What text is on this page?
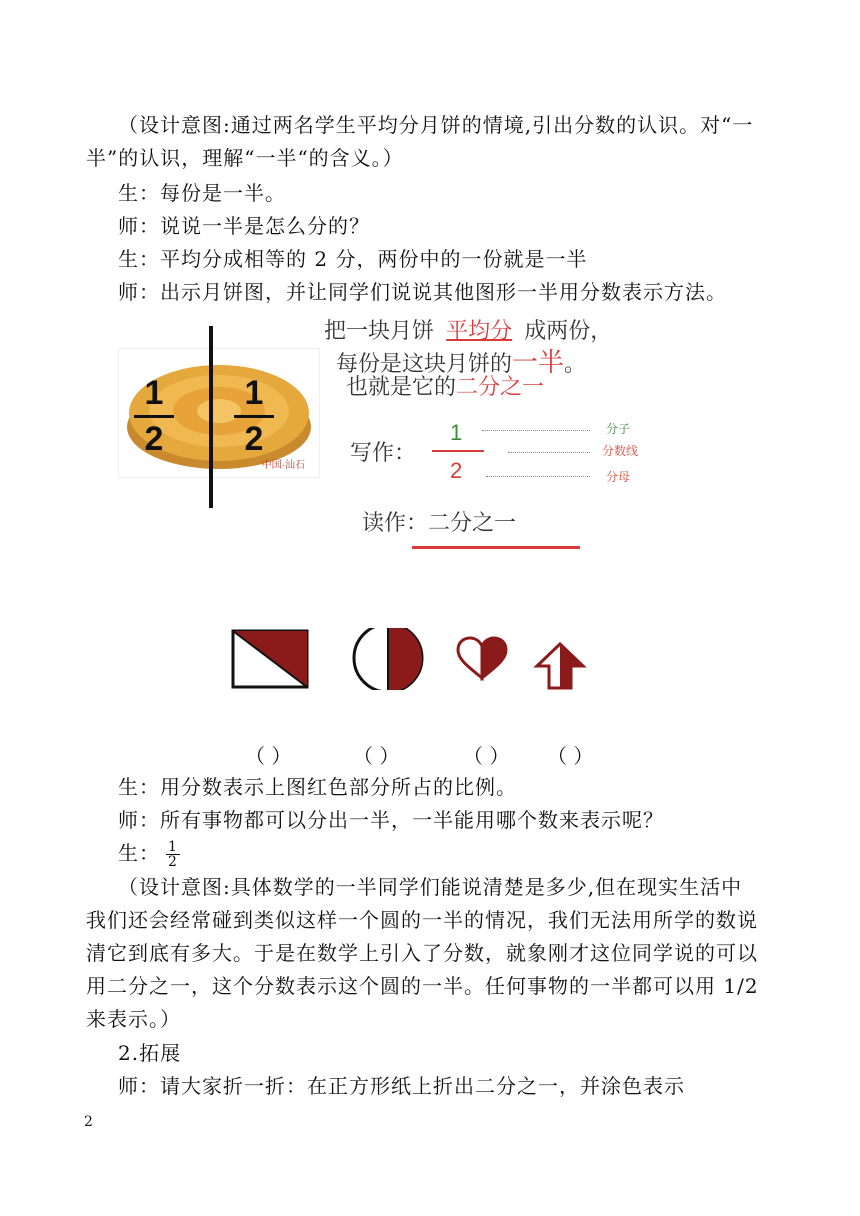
（设计意图:通过两名学生平均分月饼的情境,引出分数的认识。对“一
半”的认识，理解“一半“的含义。）
生：每份是一半。
师：说说一半是怎么分的？
生：平均分成相等的 2 分，两份中的一份就是一半
师：出示月饼图，并让同学们说说其他图形一半用分数表示方法。
中国·汕石
1
2
1
2
把一块月饼 平均分 成两份，
每份是这块月饼的一半。
也就是它的二分之一
写作：
1
2
分子
分数线
分母
读作：二分之一
（ ）	（ ）	（ ） （ ）
生：用分数表示上图红色部分所占的比例。
师：所有事物都可以分出一半，一半能用哪个数来表示呢？
生： $\frac{1}{2}$
（设计意图:具体数学的一半同学们能说清楚是多少,但在现实生活中
我们还会经常碰到类似这样一个圆的一半的情况，我们无法用所学的数说
清它到底有多大。于是在数学上引入了分数，就象刚才这位同学说的可以
用二分之一，这个分数表示这个圆的一半。任何事物的一半都可以用 1/2
来表示。）
2.拓展
师：请大家折一折：在正方形纸上折出二分之一，并涂色表示
2
